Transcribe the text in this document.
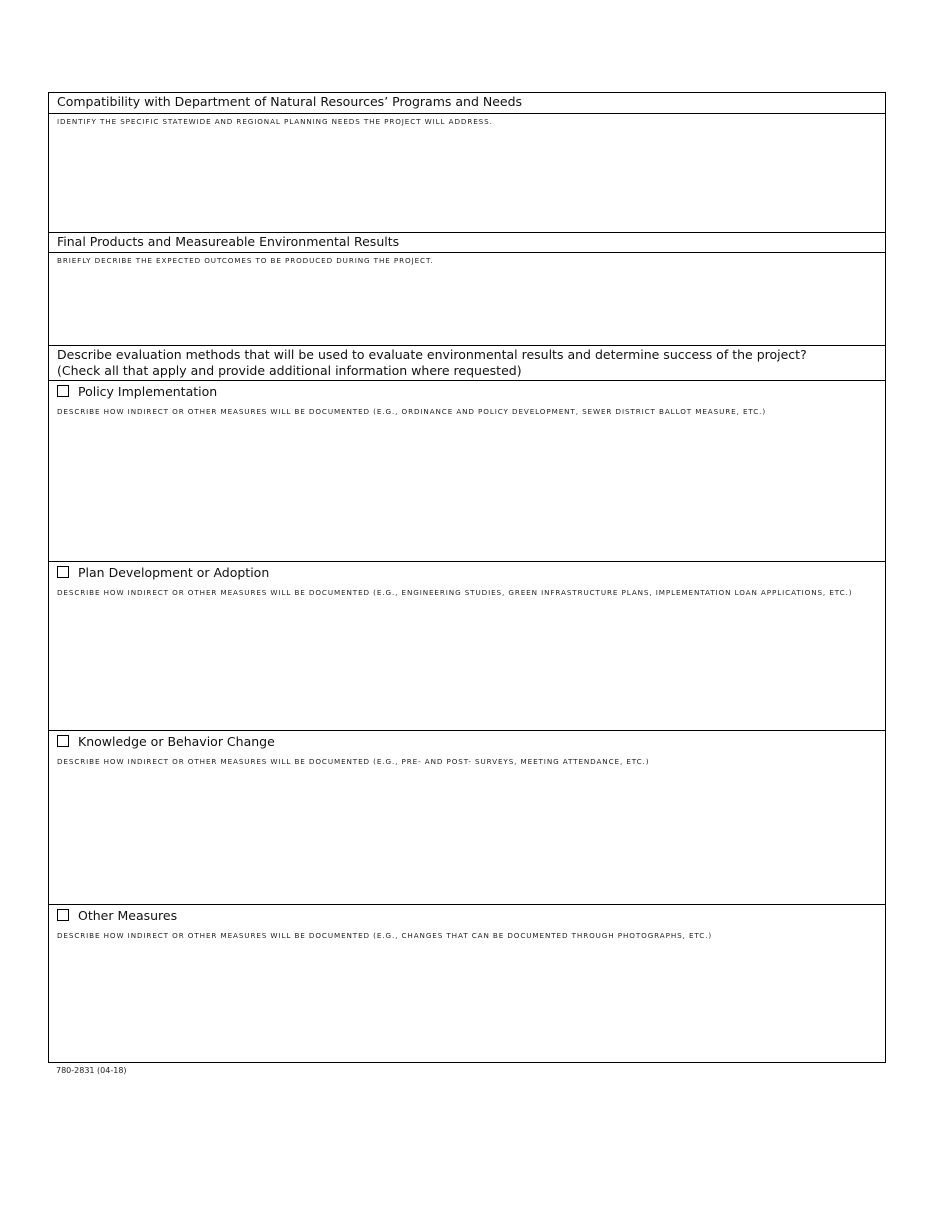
Compatibility with Department of Natural Resources’ Programs and Needs
IDENTIFY THE SPECIFIC STATEWIDE AND REGIONAL PLANNING NEEDS THE PROJECT WILL ADDRESS.
Final Products and Measureable Environmental Results
BRIEFLY DECRIBE THE EXPECTED OUTCOMES TO BE PRODUCED DURING THE PROJECT.
Describe evaluation methods that will be used to evaluate environmental results and determine success of the project?
(Check all that apply and provide additional information where requested)
Policy Implementation
DESCRIBE HOW INDIRECT OR OTHER MEASURES WILL BE DOCUMENTED (E.G., ORDINANCE AND POLICY DEVELOPMENT, SEWER DISTRICT BALLOT MEASURE, ETC.)
Plan Development or Adoption
DESCRIBE HOW INDIRECT OR OTHER MEASURES WILL BE DOCUMENTED (E.G., ENGINEERING STUDIES, GREEN INFRASTRUCTURE PLANS, IMPLEMENTATION LOAN APPLICATIONS, ETC.)
Knowledge or Behavior Change
DESCRIBE HOW INDIRECT OR OTHER MEASURES WILL BE DOCUMENTED (E.G., PRE- AND POST- SURVEYS, MEETING ATTENDANCE, ETC.)
Other Measures
DESCRIBE HOW INDIRECT OR OTHER MEASURES WILL BE DOCUMENTED (E.G., CHANGES THAT CAN BE DOCUMENTED THROUGH PHOTOGRAPHS, ETC.)
780-2831 (04-18)
